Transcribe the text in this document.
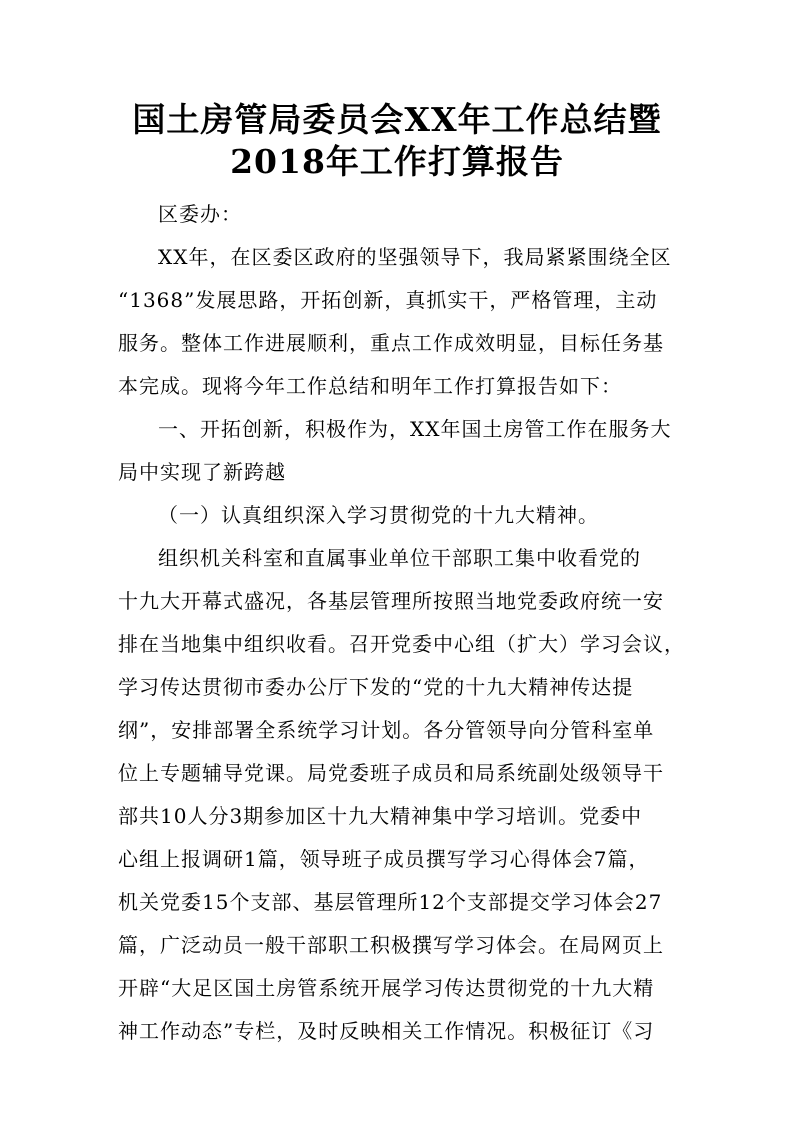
国土房管局委员会XX年工作总结暨
2018年工作打算报告
区委办：
XX年，在区委区政府的坚强领导下，我局紧紧围绕全区
“1368”发展思路，开拓创新，真抓实干，严格管理，主动
服务。整体工作进展顺利，重点工作成效明显，目标任务基
本完成。现将今年工作总结和明年工作打算报告如下：
一、开拓创新，积极作为，XX年国土房管工作在服务大
局中实现了新跨越
（一）认真组织深入学习贯彻党的十九大精神。
组织机关科室和直属事业单位干部职工集中收看党的
十九大开幕式盛况，各基层管理所按照当地党委政府统一安
排在当地集中组织收看。召开党委中心组（扩大）学习会议，
学习传达贯彻市委办公厅下发的“党的十九大精神传达提
纲”，安排部署全系统学习计划。各分管领导向分管科室单
位上专题辅导党课。局党委班子成员和局系统副处级领导干
部共10人分3期参加区十九大精神集中学习培训。党委中
心组上报调研1篇，领导班子成员撰写学习心得体会7篇，
机关党委15个支部、基层管理所12个支部提交学习体会27
篇，广泛动员一般干部职工积极撰写学习体会。在局网页上
开辟“大足区国土房管系统开展学习传达贯彻党的十九大精
神工作动态”专栏，及时反映相关工作情况。积极征订《习
